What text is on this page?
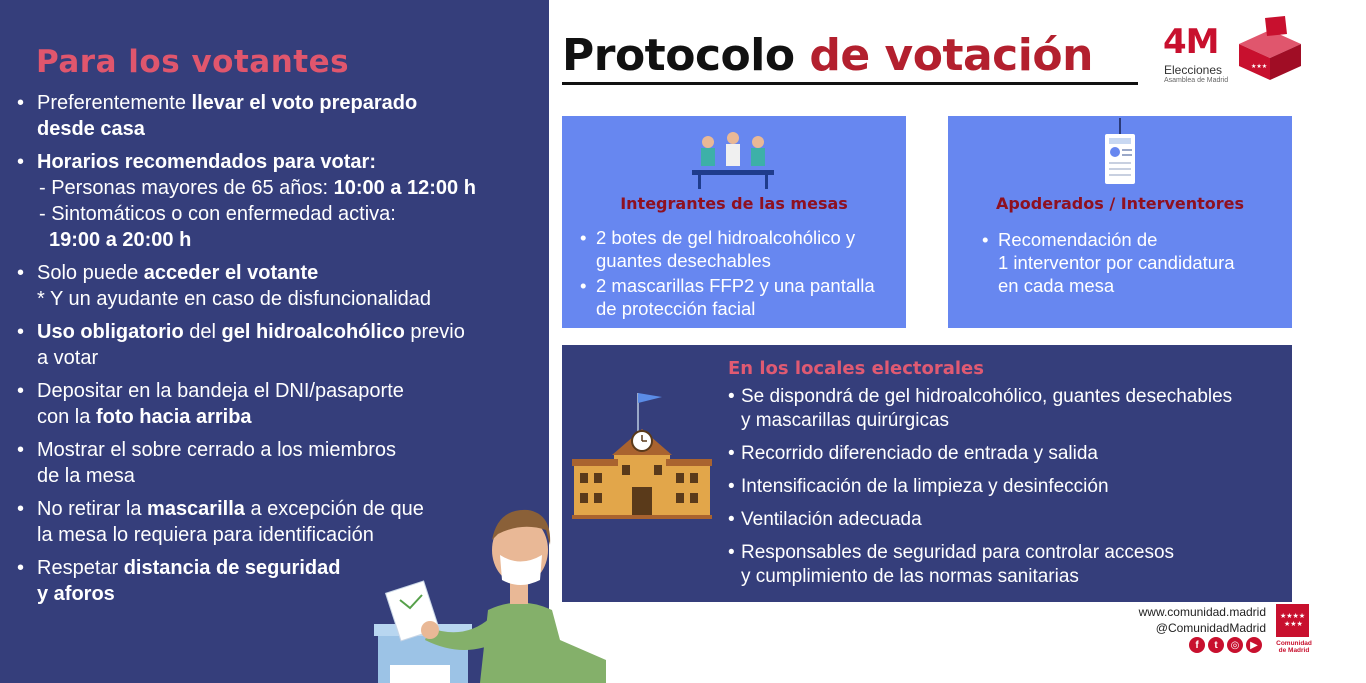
Para los votantes
• Preferentemente llevar el voto preparado
desde casa
• Horarios recomendados para votar:
- Personas mayores de 65 años: 10:00 a 12:00 h
- Sintomáticos o con enfermedad activa:
19:00 a 20:00 h
• Solo puede acceder el votante
* Y un ayudante en caso de disfuncionalidad
• Uso obligatorio del gel hidroalcohólico previo
a votar
• Depositar en la bandeja el DNI/pasaporte
con la foto hacia arriba
• Mostrar el sobre cerrado a los miembros
de la mesa
• No retirar la mascarilla a excepción de que
la mesa lo requiera para identificación
• Respetar distancia de seguridad
y aforos
Protocolo de votación 4M
Elecciones
Asamblea de Madrid
★★★
Integrantes de las mesas
• 2 botes de gel hidroalcohólico y
guantes desechables
• 2 mascarillas FFP2 y una pantalla
de protección facial
Apoderados / Interventores
• Recomendación de
1 interventor por candidatura
en cada mesa
En los locales electorales
• Se dispondrá de gel hidroalcohólico, guantes desechables
y mascarillas quirúrgicas
• Recorrido diferenciado de entrada y salida
• Intensificación de la limpieza y desinfección
• Ventilación adecuada
• Responsables de seguridad para controlar accesos
y cumplimiento de las normas sanitarias
www.comunidad.madrid
@ComunidadMadrid
f	t	◎	▶
★★★★
★★★
Comunidad
de Madrid
